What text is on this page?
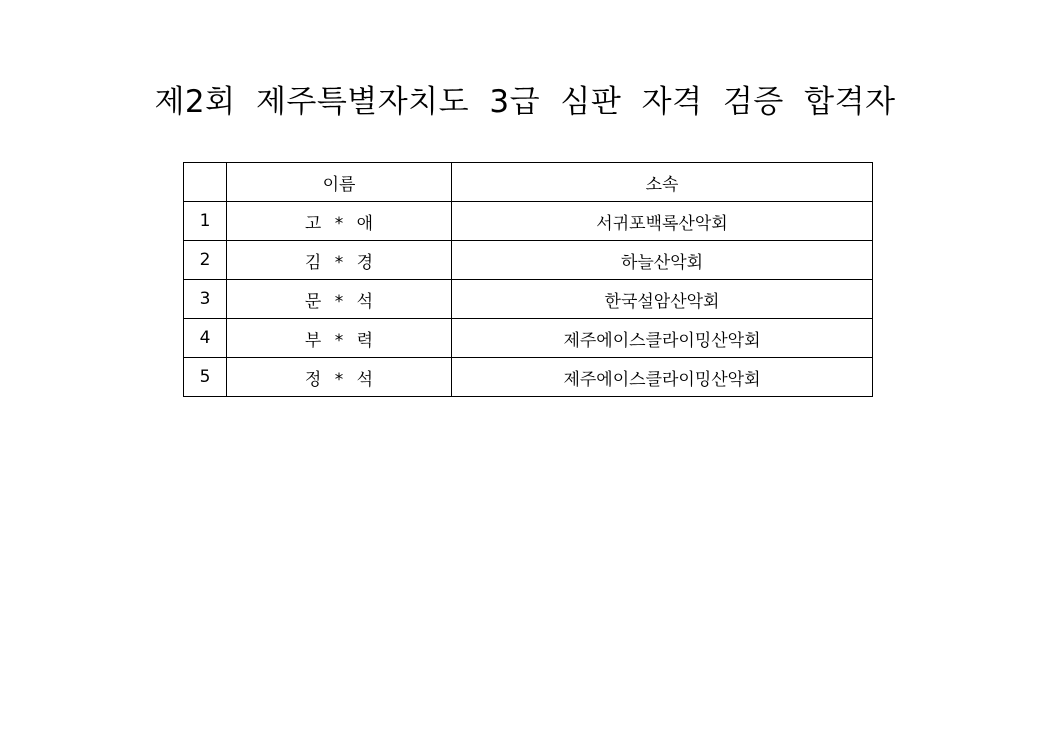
제2회 제주특별자치도 3급 심판 자격 검증 합격자
	이름	소속
1	고 * 애	서귀포백록산악회
2	김 * 경	하늘산악회
3	문 * 석	한국설암산악회
4	부 * 력	제주에이스클라이밍산악회
5	정 * 석	제주에이스클라이밍산악회
